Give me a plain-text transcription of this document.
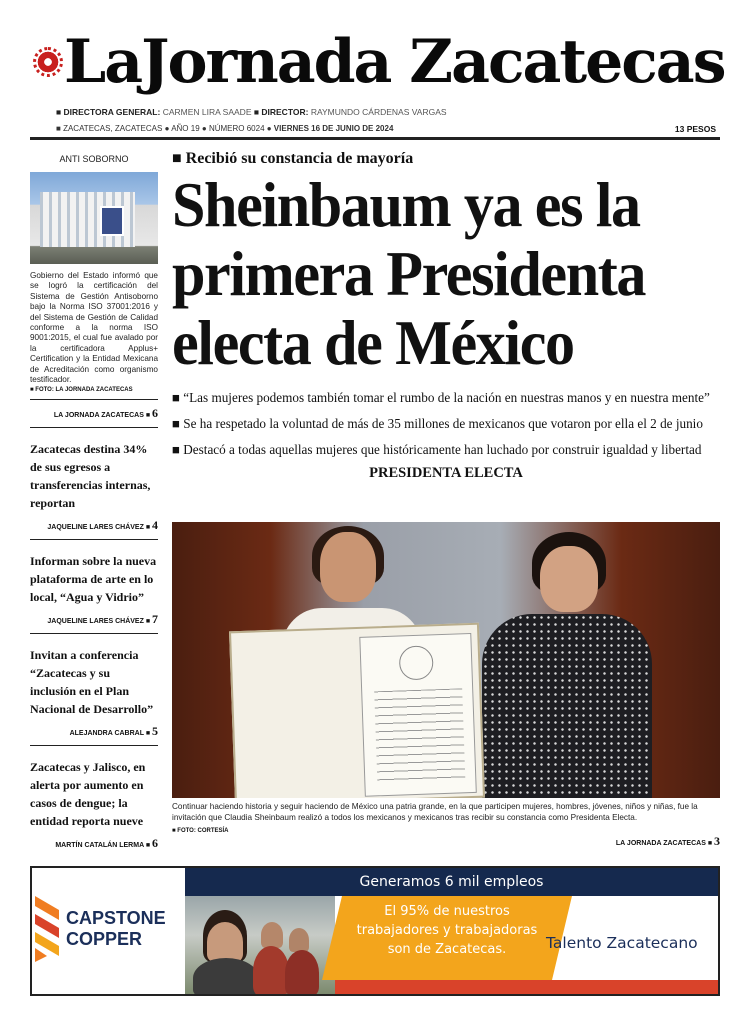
LaJornada Zacatecas
■ DIRECTORA GENERAL: CARMEN LIRA SAADE ■ DIRECTOR: RAYMUNDO CÁRDENAS VARGAS
■ ZACATECAS, ZACATECAS ● AÑO 19 ● NÚMERO 6024 ● VIERNES 16 DE JUNIO DE 2024	13 PESOS
ANTI SOBORNO
Gobierno del Estado informó que se logró la certificación del Sistema de Gestión Antisoborno bajo la Norma ISO 37001:2016 y del Sistema de Gestión de Calidad conforme a la norma ISO 9001:2015, el cual fue avalado por la certificadora Applus+ Certification y la Entidad Mexicana de Acreditación como organismo testificador.
■ FOTO: LA JORNADA ZACATECAS
LA JORNADA ZACATECAS ■ 6
Zacatecas destina 34% de sus egresos a transferencias internas, reportan
JAQUELINE LARES CHÁVEZ ■ 4
Informan sobre la nueva plataforma de arte en lo local, “Agua y Vidrio”
JAQUELINE LARES CHÁVEZ ■ 7
Invitan a conferencia “Zacatecas y su inclusión en el Plan Nacional de Desarrollo”
ALEJANDRA CABRAL ■ 5
Zacatecas y Jalisco, en alerta por aumento en casos de dengue; la entidad reporta nueve
MARTÍN CATALÁN LERMA ■ 6
■ Recibió su constancia de mayoría
Sheinbaum ya es la
primera Presidenta
electa de México
■ “Las mujeres podemos también tomar el rumbo de la nación en nuestras manos y en nuestra mente”
■ Se ha respetado la voluntad de más de 35 millones de mexicanos que votaron por ella el 2 de junio
■ Destacó a todas aquellas mujeres que históricamente han luchado por construir igualdad y libertad
PRESIDENTA ELECTA
Continuar haciendo historia y seguir haciendo de México una patria grande, en la que participen mujeres, hombres, jóvenes, niños y niñas, fue la invitación que Claudia Sheinbaum realizó a todos los mexicanos y mexicanos tras recibir su constancia como Presidenta Electa.
■ FOTO: CORTESÍA
LA JORNADA ZACATECAS ■ 3
CAPSTONE
COPPER
Generamos 6 mil empleos
El 95% de nuestros
trabajadores y trabajadoras
son de Zacatecas.	Talento Zacatecano
